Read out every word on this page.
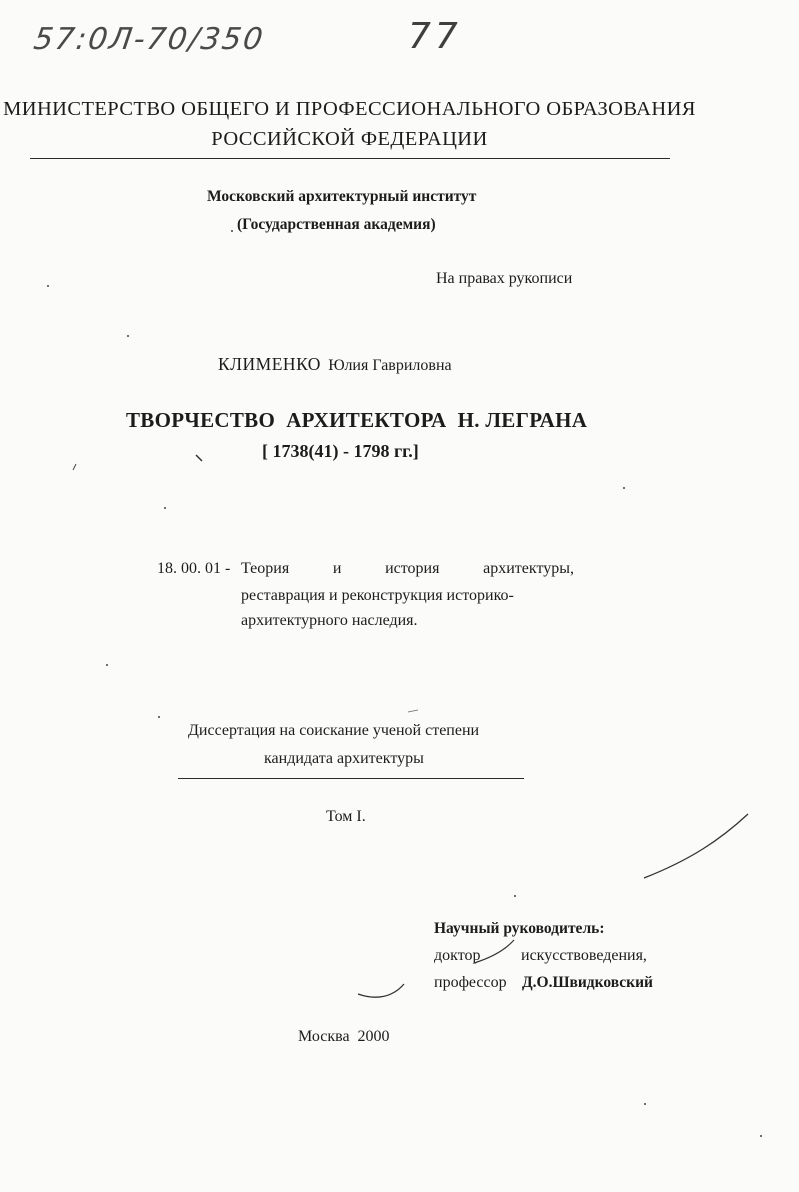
57:0Л-70/350	77
МИНИСТЕРСТВО ОБЩЕГО И ПРОФЕССИОНАЛЬНОГО ОБРАЗОВАНИЯ
РОССИЙСКОЙ ФЕДЕРАЦИИ
Московский архитектурный институт
(Государственная академия)
На правах рукописи
КЛИМЕНКО Юлия Гавриловна
ТВОРЧЕСТВО  АРХИТЕКТОРА  Н. ЛЕГРАНА
[ 1738(41) - 1798 гг.]
18. 00. 01 - Теория	и	история	архитектуры,
реставрация и реконструкция историко-
архитектурного наследия.
Диссертация на соискание ученой степени
кандидата архитектуры
Том I.
Научный руководитель:
доктор	искусствоведения,
профессор Д.О.Швидковский
Москва  2000
